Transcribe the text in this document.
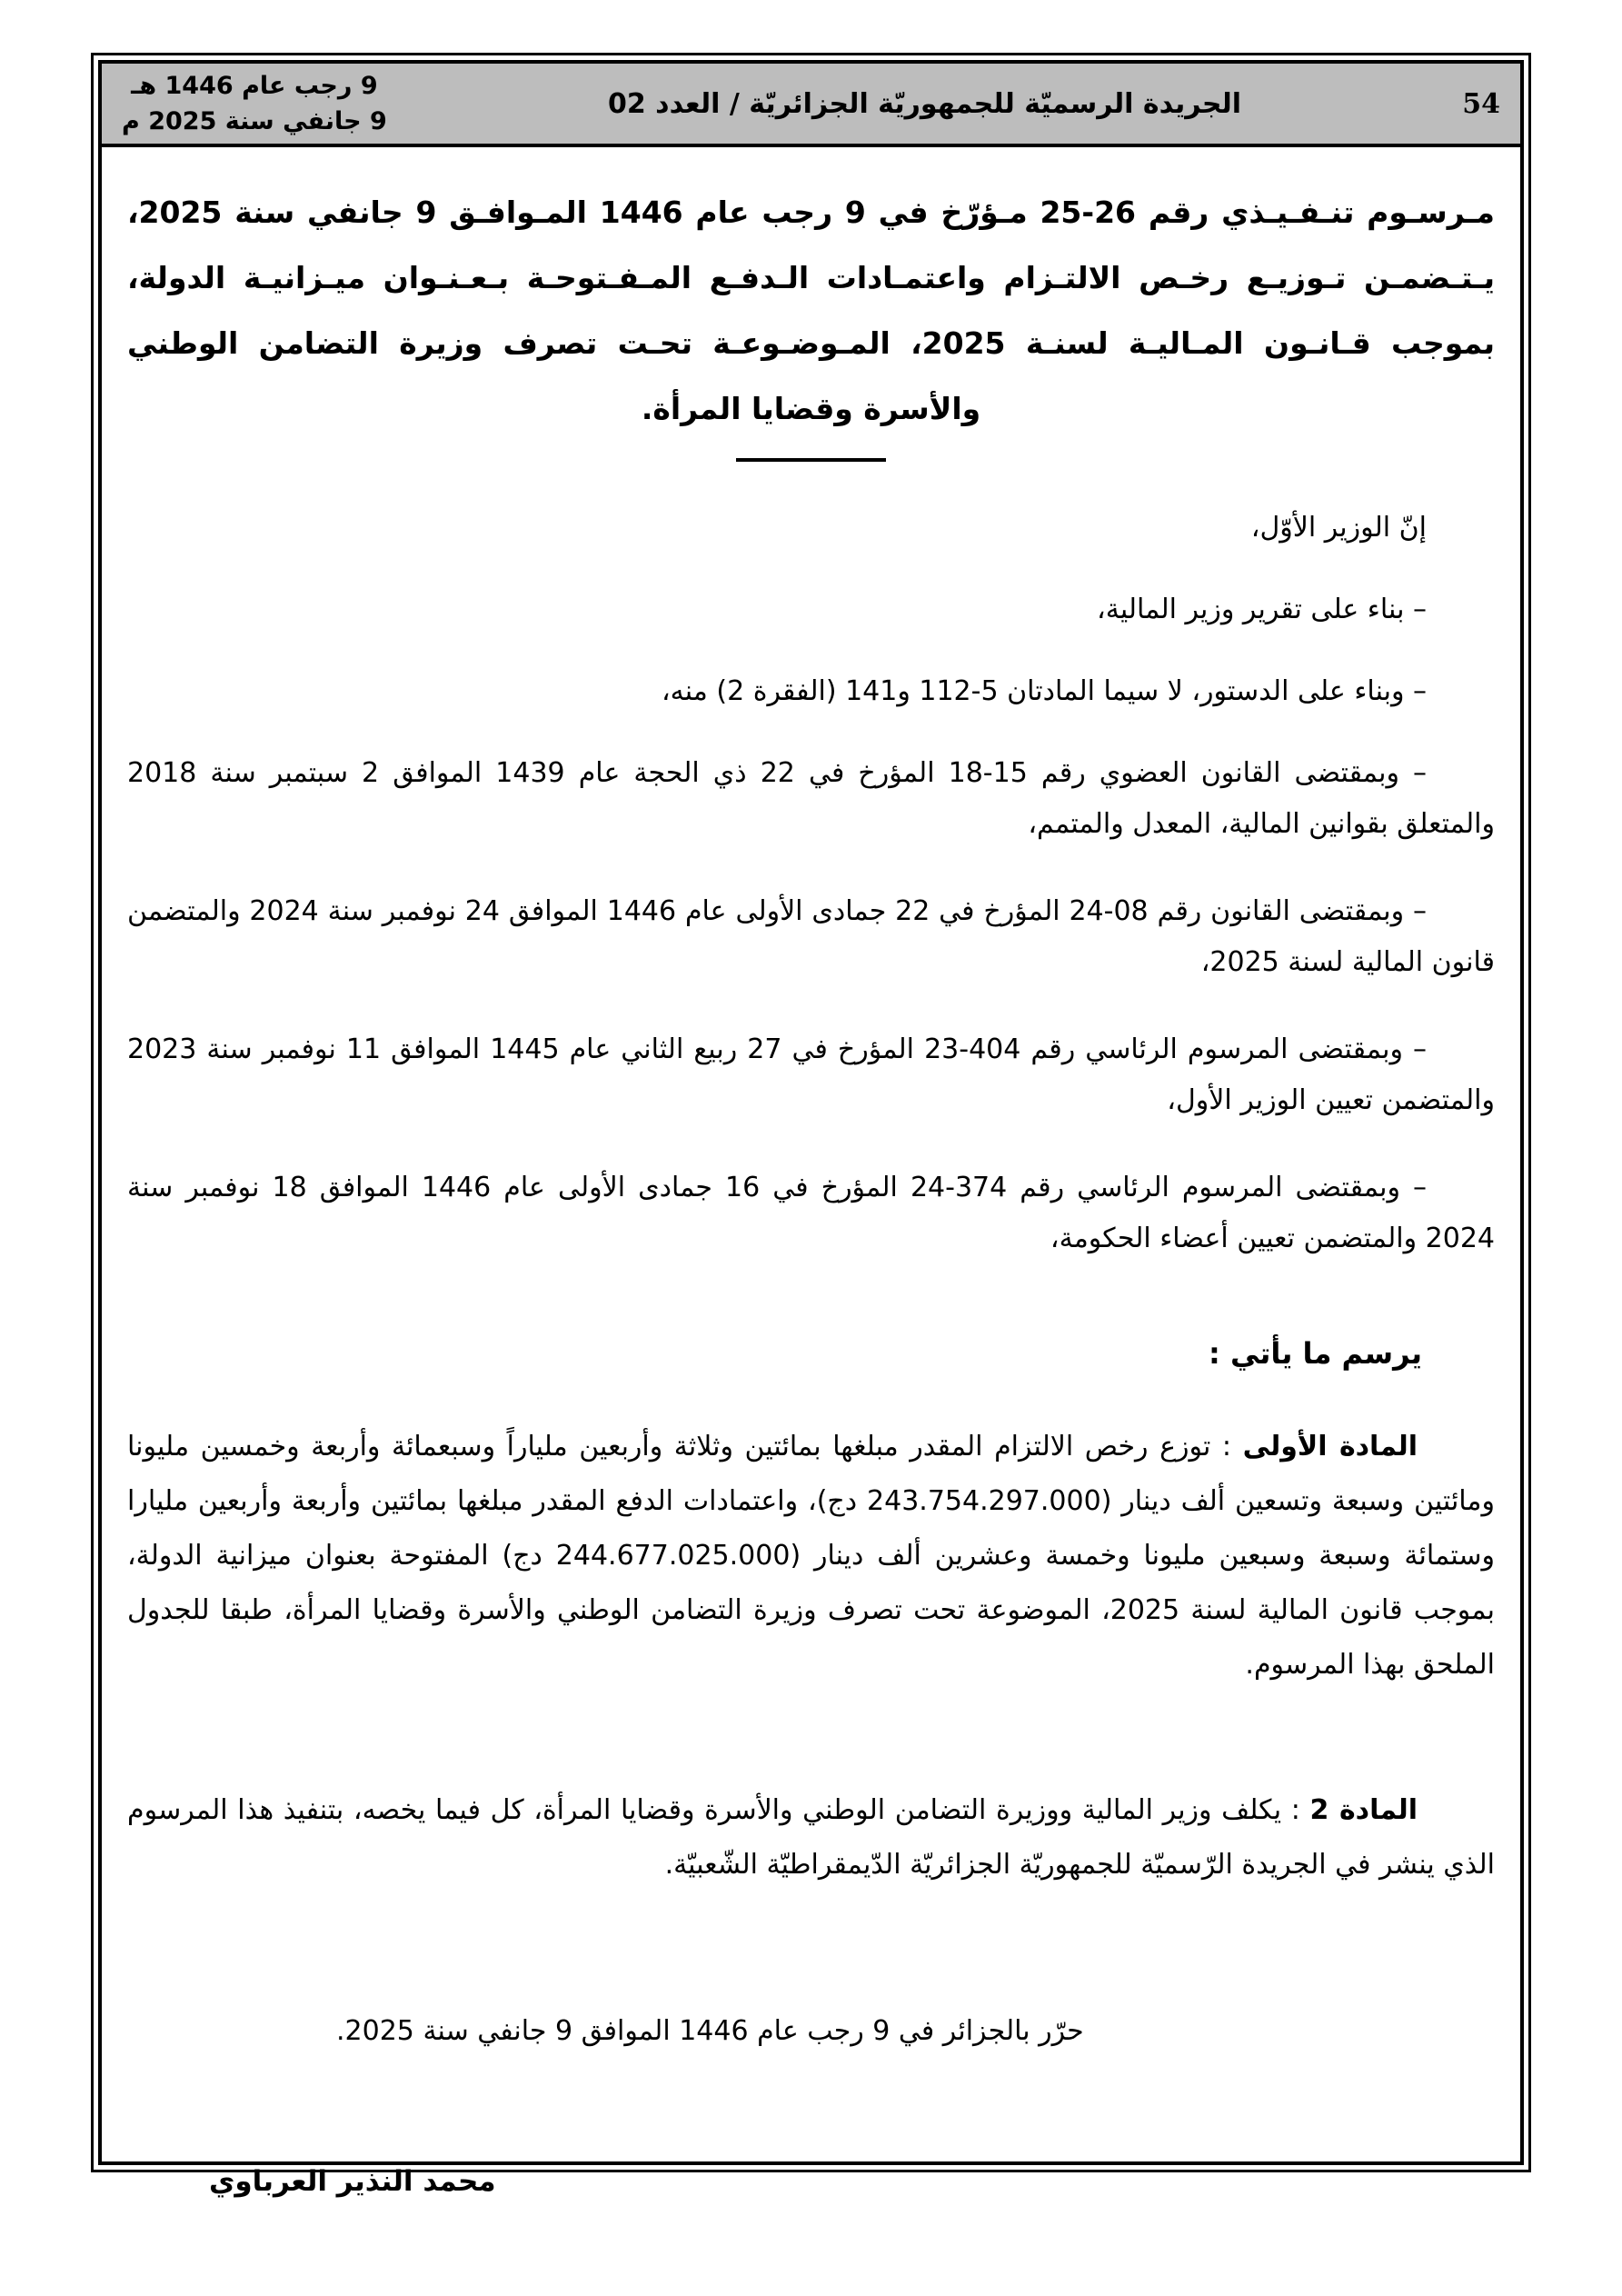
54
الجريدة الرسميّة للجمهوريّة الجزائريّة / العدد 02
9 رجب عام 1446 هـ
9 جانفي سنة 2025 م

مـرسـوم تنـفـيـذي رقم 26-25 مـؤرّخ في 9 رجب عام 1446 المـوافـق 9 جانفي سنة 2025، يـتـضمـن تـوزيـع رخـص الالتـزام واعتمـادات الـدفـع المـفـتوحـة بـعـنـوان ميـزانيـة الدولة، بموجب قـانـون المـاليـة لسنـة 2025، المـوضـوعـة تحـت تصرف وزيرة التضامن الوطني والأسرة وقضايا المرأة.

إنّ الوزير الأوّل،

– بناء على تقرير وزير المالية،

– وبناء على الدستور، لا سيما المادتان 5-112 و141 (الفقرة 2) منه،

– وبمقتضى القانون العضوي رقم 15-18 المؤرخ في 22 ذي الحجة عام 1439 الموافق 2 سبتمبر سنة 2018 والمتعلق بقوانين المالية، المعدل والمتمم،

– وبمقتضى القانون رقم 08-24 المؤرخ في 22 جمادى الأولى عام 1446 الموافق 24 نوفمبر سنة 2024 والمتضمن قانون المالية لسنة 2025،

– وبمقتضى المرسوم الرئاسي رقم 404-23 المؤرخ في 27 ربيع الثاني عام 1445 الموافق 11 نوفمبر سنة 2023 والمتضمن تعيين الوزير الأول،

– وبمقتضى المرسوم الرئاسي رقم 374-24 المؤرخ في 16 جمادى الأولى عام 1446 الموافق 18 نوفمبر سنة 2024 والمتضمن تعيين أعضاء الحكومة،

يرسم ما يأتي :

المادة الأولى : توزع رخص الالتزام المقدر مبلغها بمائتين وثلاثة وأربعين ملياراً وسبعمائة وأربعة وخمسين مليونا ومائتين وسبعة وتسعين ألف دينار (243.754.297.000 دج)، واعتمادات الدفع المقدر مبلغها بمائتين وأربعة وأربعين مليارا وستمائة وسبعة وسبعين مليونا وخمسة وعشرين ألف دينار (244.677.025.000 دج) المفتوحة بعنوان ميزانية الدولة، بموجب قانون المالية لسنة 2025، الموضوعة تحت تصرف وزيرة التضامن الوطني والأسرة وقضايا المرأة، طبقا للجدول الملحق بهذا المرسوم.

المادة 2 : يكلف وزير المالية ووزيرة التضامن الوطني والأسرة وقضايا المرأة، كل فيما يخصه، بتنفيذ هذا المرسوم الذي ينشر في الجريدة الرّسميّة للجمهوريّة الجزائريّة الدّيمقراطيّة الشّعبيّة.

حرّر بالجزائر في 9 رجب عام 1446 الموافق 9 جانفي سنة 2025.

محمد النذير العرباوي
